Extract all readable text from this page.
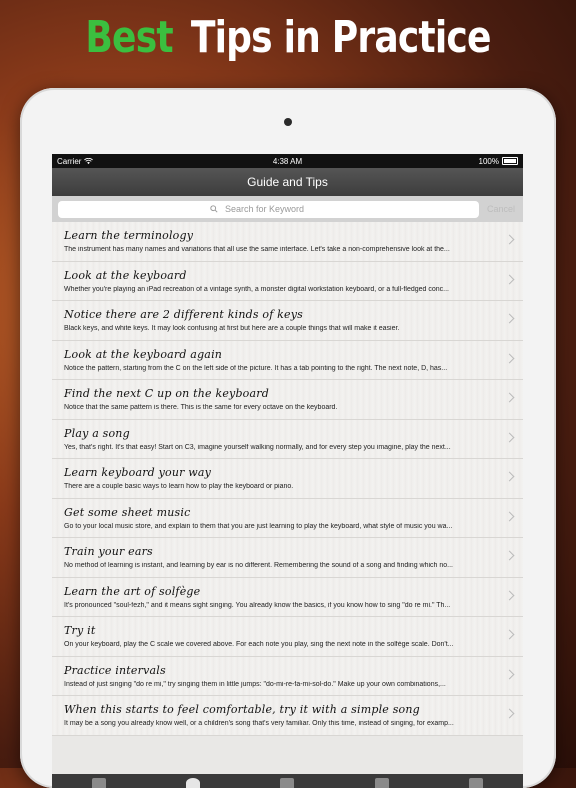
Best Tips in Practice
Carrier	4:38 AM	100%
Guide and Tips
Search for Keyword
Cancel
Learn the terminology
The instrument has many names and variations that all use the same interface. Let's take a non-comprehensive look at the...
Look at the keyboard
Whether you're playing an iPad recreation of a vintage synth, a monster digital workstation keyboard, or a full-fledged conc...
Notice there are 2 different kinds of keys
Black keys, and white keys. It may look confusing at first but here are a couple things that will make it easier.
Look at the keyboard again
Notice the pattern, starting from the C on the left side of the picture. It has a tab pointing to the right. The next note, D, has...
Find the next C up on the keyboard
Notice that the same pattern is there. This is the same for every octave on the keyboard.
Play a song
Yes, that's right. It's that easy! Start on C3, imagine yourself walking normally, and for every step you imagine, play the next...
Learn keyboard your way
There are a couple basic ways to learn how to play the keyboard or piano.
Get some sheet music
Go to your local music store, and explain to them that you are just learning to play the keyboard, what style of music you wa...
Train your ears
No method of learning is instant, and learning by ear is no different. Remembering the sound of a song and finding which no...
Learn the art of solfège
It's pronounced "soul-fezh," and it means sight singing. You already know the basics, if you know how to sing "do re mi." Th...
Try it
On your keyboard, play the C scale we covered above. For each note you play, sing the next note in the solfège scale. Don't...
Practice intervals
Instead of just singing "do re mi," try singing them in little jumps: "do-mi-re-fa-mi-sol-do." Make up your own combinations,...
When this starts to feel comfortable, try it with a simple song
It may be a song you already know well, or a children's song that's very familiar. Only this time, instead of singing, for examp...
